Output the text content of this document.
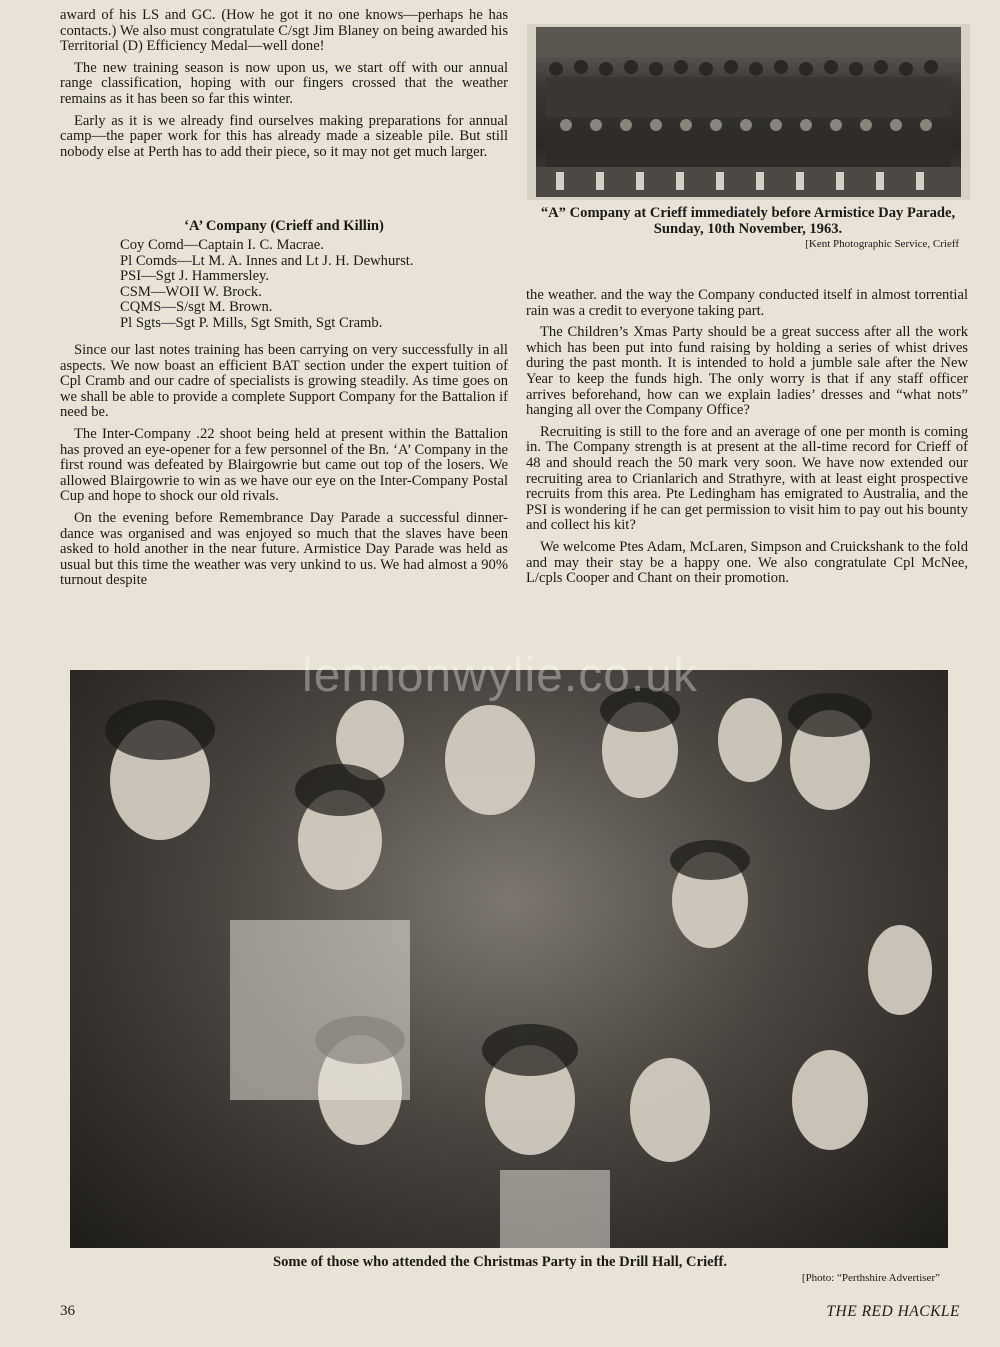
award of his LS and GC. (How he got it no one knows—perhaps he has contacts.) We also must congratulate C/sgt Jim Blaney on being awarded his Territorial (D) Efficiency Medal—well done!

The new training season is now upon us, we start off with our annual range classification, hoping with our fingers crossed that the weather remains as it has been so far this winter.

Early as it is we already find ourselves making preparations for annual camp—the paper work for this has already made a sizeable pile. But still nobody else at Perth has to add their piece, so it may not get much larger.

‘A’ Company (Crieff and Killin)
Coy Comd—Captain I. C. Macrae.
Pl Comds—Lt M. A. Innes and Lt J. H. Dewhurst.
PSI—Sgt J. Hammersley.
CSM—WOII W. Brock.
CQMS—S/sgt M. Brown.
Pl Sgts—Sgt P. Mills, Sgt Smith, Sgt Cramb.

Since our last notes training has been carrying on very successfully in all aspects. We now boast an efficient BAT section under the expert tuition of Cpl Cramb and our cadre of specialists is growing steadily. As time goes on we shall be able to provide a complete Support Company for the Battalion if need be.

The Inter-Company .22 shoot being held at present within the Battalion has proved an eye-opener for a few personnel of the Bn. ‘A’ Company in the first round was defeated by Blairgowrie but came out top of the losers. We allowed Blairgowrie to win as we have our eye on the Inter-Company Postal Cup and hope to shock our old rivals.

On the evening before Remembrance Day Parade a successful dinner-dance was organised and was enjoyed so much that the slaves have been asked to hold another in the near future. Armistice Day Parade was held as usual but this time the weather was very unkind to us. We had almost a 90% turnout despite

“A” Company at Crieff immediately before Armistice Day Parade, Sunday, 10th November, 1963.
[Kent Photographic Service, Crieff

the weather. and the way the Company conducted itself in almost torrential rain was a credit to everyone taking part.

The Children’s Xmas Party should be a great success after all the work which has been put into fund raising by holding a series of whist drives during the past month. It is intended to hold a jumble sale after the New Year to keep the funds high. The only worry is that if any staff officer arrives beforehand, how can we explain ladies’ dresses and “what nots” hanging all over the Company Office?

Recruiting is still to the fore and an average of one per month is coming in. The Company strength is at present at the all-time record for Crieff of 48 and should reach the 50 mark very soon. We have now extended our recruiting area to Crianlarich and Strathyre, with at least eight prospective recruits from this area. Pte Ledingham has emigrated to Australia, and the PSI is wondering if he can get permission to visit him to pay out his bounty and collect his kit?

We welcome Ptes Adam, McLaren, Simpson and Cruickshank to the fold and may their stay be a happy one. We also congratulate Cpl McNee, L/cpls Cooper and Chant on their promotion.

lennonwylie.co.uk
Some of those who attended the Christmas Party in the Drill Hall, Crieff.
[Photo: “Perthshire Advertiser”
36	THE RED HACKLE
